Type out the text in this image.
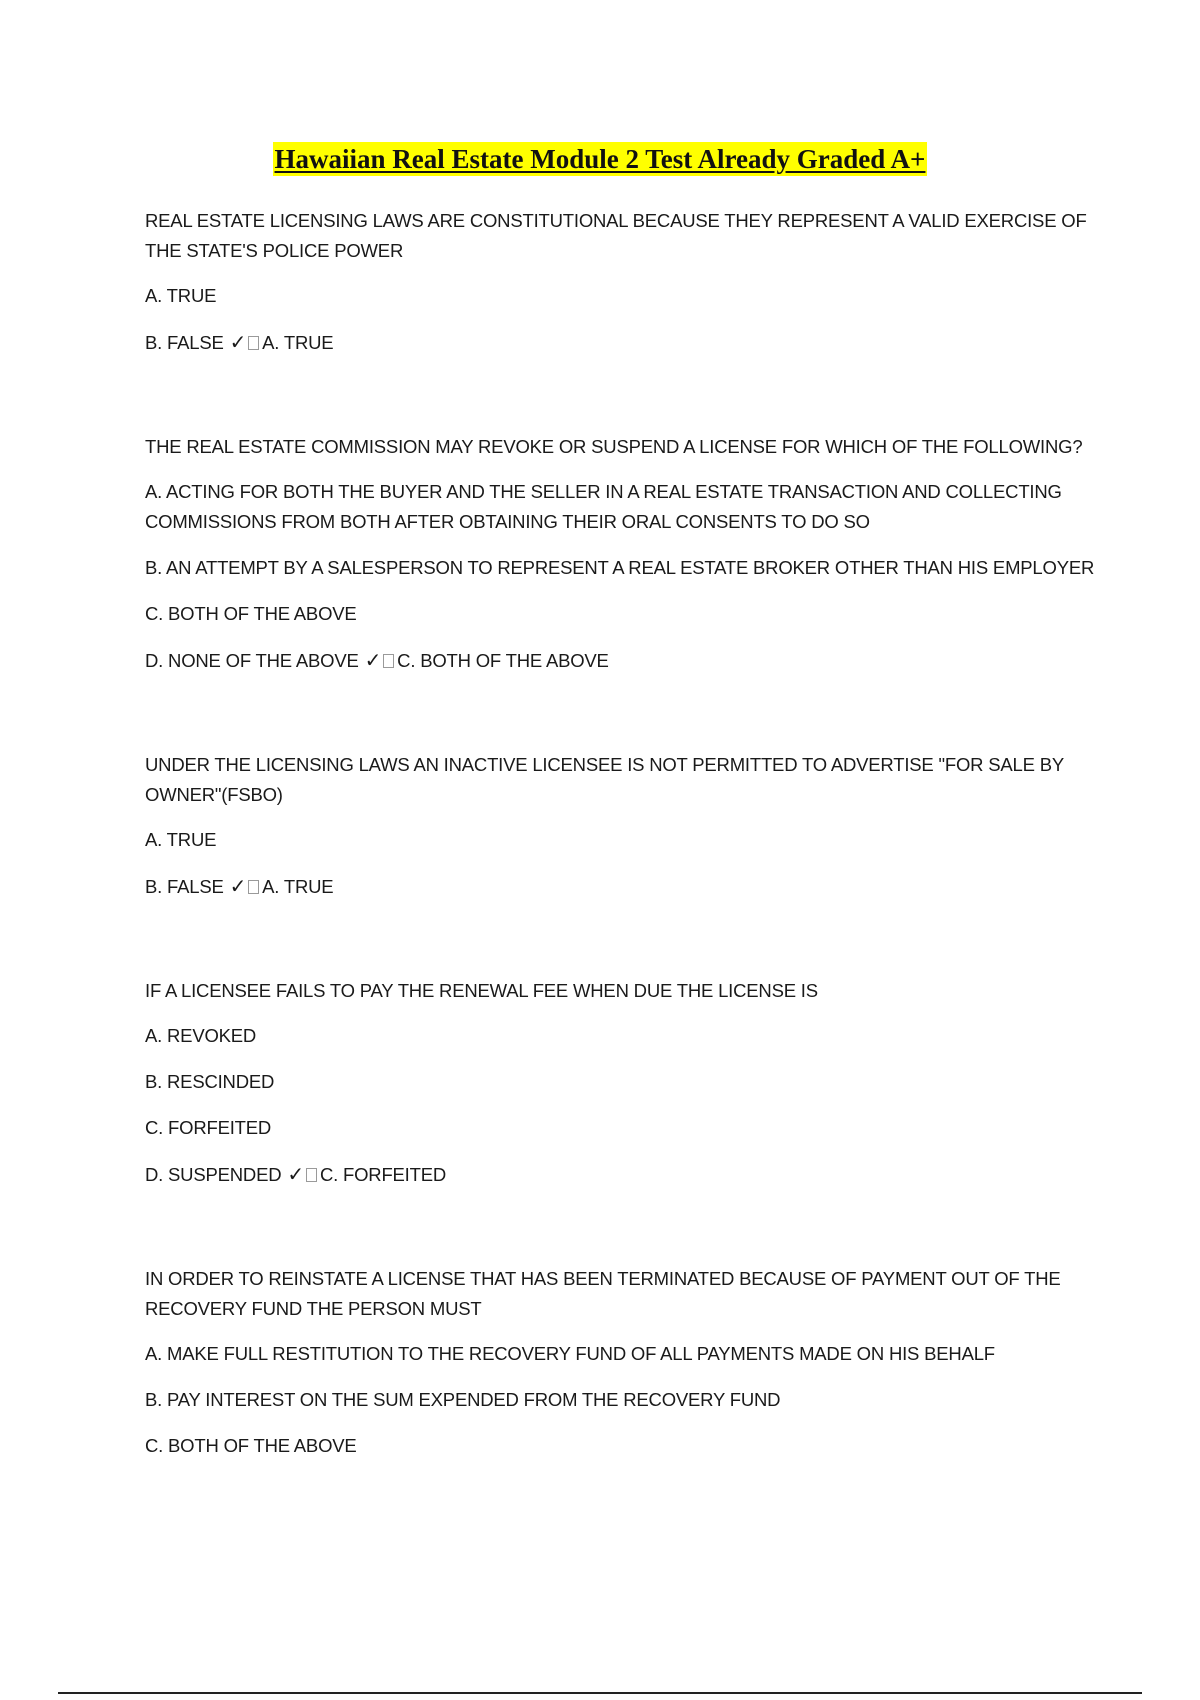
Hawaiian Real Estate Module 2 Test Already Graded A+
REAL ESTATE LICENSING LAWS ARE CONSTITUTIONAL BECAUSE THEY REPRESENT A VALID EXERCISE OF THE STATE'S POLICE POWER
A. TRUE
B. FALSE ✓ A. TRUE
THE REAL ESTATE COMMISSION MAY REVOKE OR SUSPEND A LICENSE FOR WHICH OF THE FOLLOWING?
A. ACTING FOR BOTH THE BUYER AND THE SELLER IN A REAL ESTATE TRANSACTION AND COLLECTING COMMISSIONS FROM BOTH AFTER OBTAINING THEIR ORAL CONSENTS TO DO SO
B. AN ATTEMPT BY A SALESPERSON TO REPRESENT A REAL ESTATE BROKER OTHER THAN HIS EMPLOYER
C. BOTH OF THE ABOVE
D. NONE OF THE ABOVE ✓ C. BOTH OF THE ABOVE
UNDER THE LICENSING LAWS AN INACTIVE LICENSEE IS NOT PERMITTED TO ADVERTISE "FOR SALE BY OWNER"(FSBO)
A. TRUE
B. FALSE ✓ A. TRUE
IF A LICENSEE FAILS TO PAY THE RENEWAL FEE WHEN DUE THE LICENSE IS
A. REVOKED
B. RESCINDED
C. FORFEITED
D. SUSPENDED ✓ C. FORFEITED
IN ORDER TO REINSTATE A LICENSE THAT HAS BEEN TERMINATED BECAUSE OF PAYMENT OUT OF THE RECOVERY FUND THE PERSON MUST
A. MAKE FULL RESTITUTION TO THE RECOVERY FUND OF ALL PAYMENTS MADE ON HIS BEHALF
B. PAY INTEREST ON THE SUM EXPENDED FROM THE RECOVERY FUND
C. BOTH OF THE ABOVE
